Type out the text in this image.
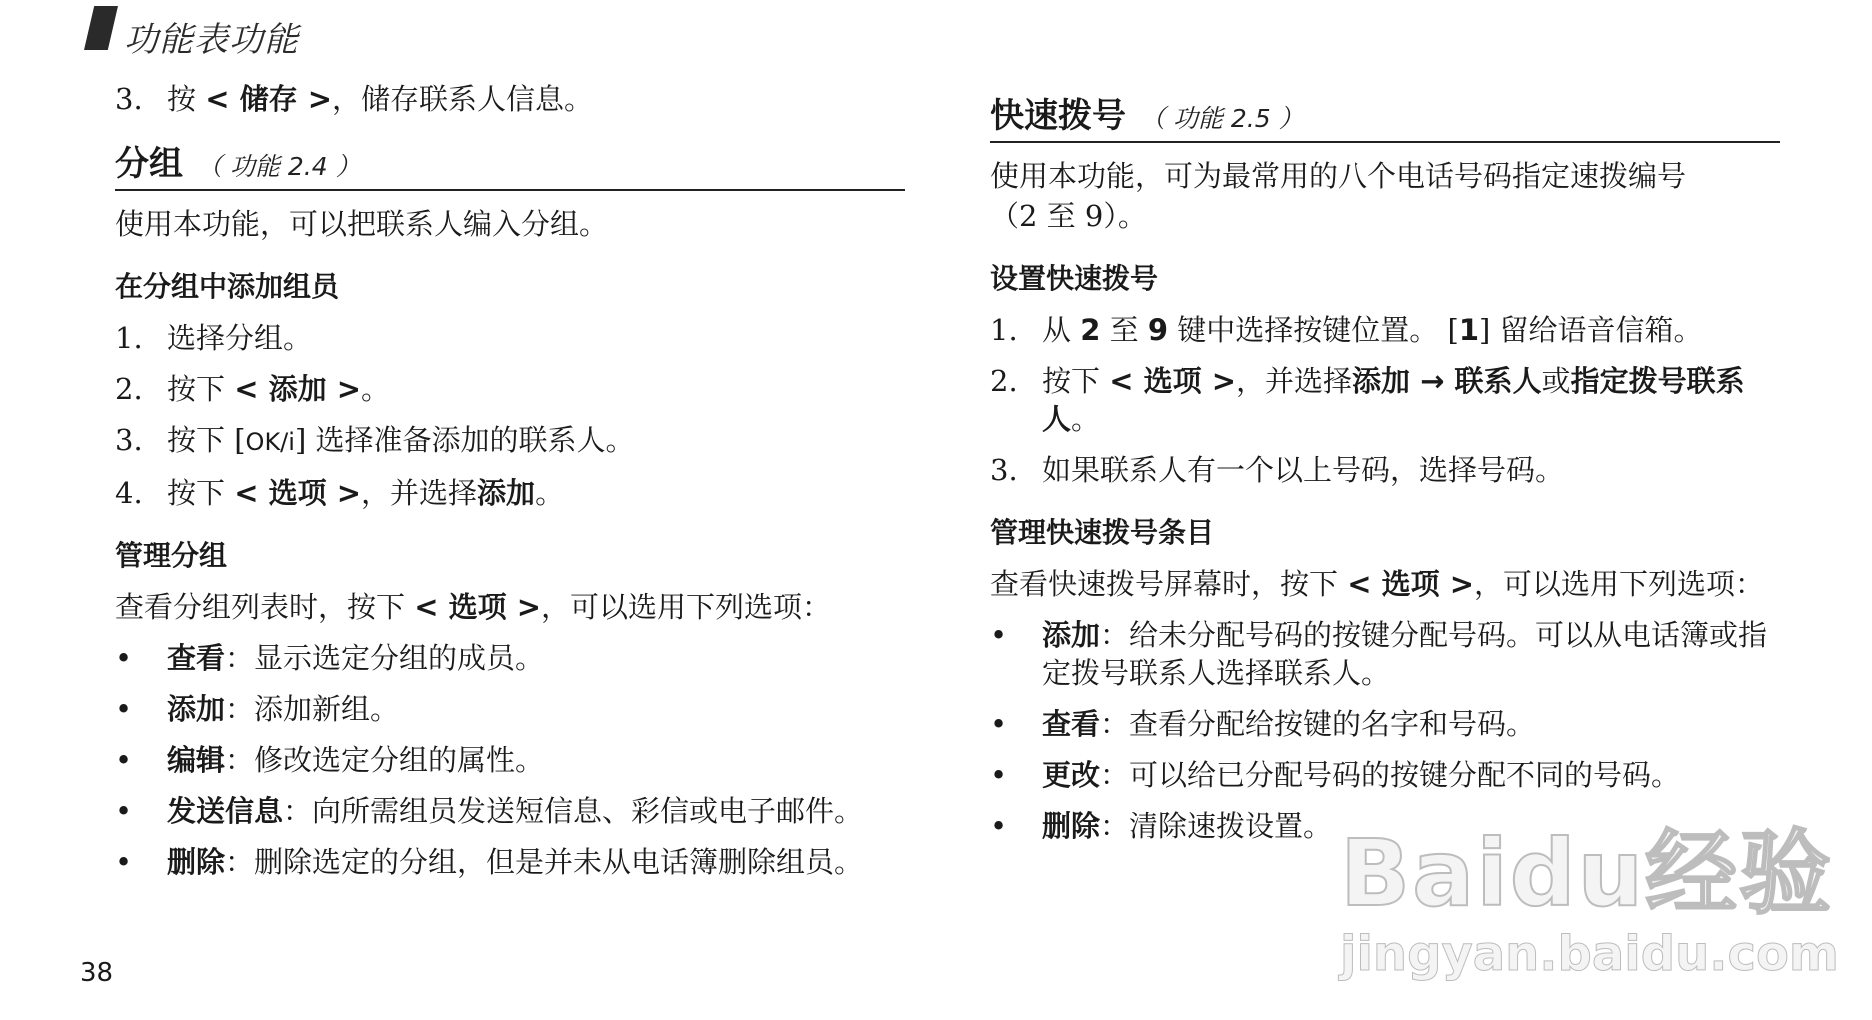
功能表功能
3. 按 < 储存 >，储存联系人信息。
分组 （ 功能 2.4 ）
使用本功能，可以把联系人编入分组。
在分组中添加组员
1. 选择分组。
2. 按下 < 添加 >。
3. 按下 [OK/i] 选择准备添加的联系人。
4. 按下 < 选项 >，并选择添加。
管理分组
查看分组列表时，按下 < 选项 >，可以选用下列选项：
•	查看：显示选定分组的成员。
•	添加：添加新组。
•	编辑：修改选定分组的属性。
•	发送信息：向所需组员发送短信息、彩信或电子邮件。
•	删除：删除选定的分组，但是并未从电话簿删除组员。
快速拨号 （ 功能 2.5 ）
使用本功能，可为最常用的八个电话号码指定速拨编号
（2 至 9）。
设置快速拨号
1. 从 2 至 9 键中选择按键位置。 [1] 留给语音信箱。
2. 按下 < 选项 >，并选择添加 → 联系人或指定拨号联系人。
3. 如果联系人有一个以上号码，选择号码。
管理快速拨号条目
查看快速拨号屏幕时，按下 < 选项 >，可以选用下列选项：
•	添加：给未分配号码的按键分配号码。可以从电话簿或指定拨号联系人选择联系人。
•	查看：查看分配给按键的名字和号码。
•	更改：可以给已分配号码的按键分配不同的号码。
•	删除：清除速拨设置。
38
Baidu经验
jingyan.baidu.com
